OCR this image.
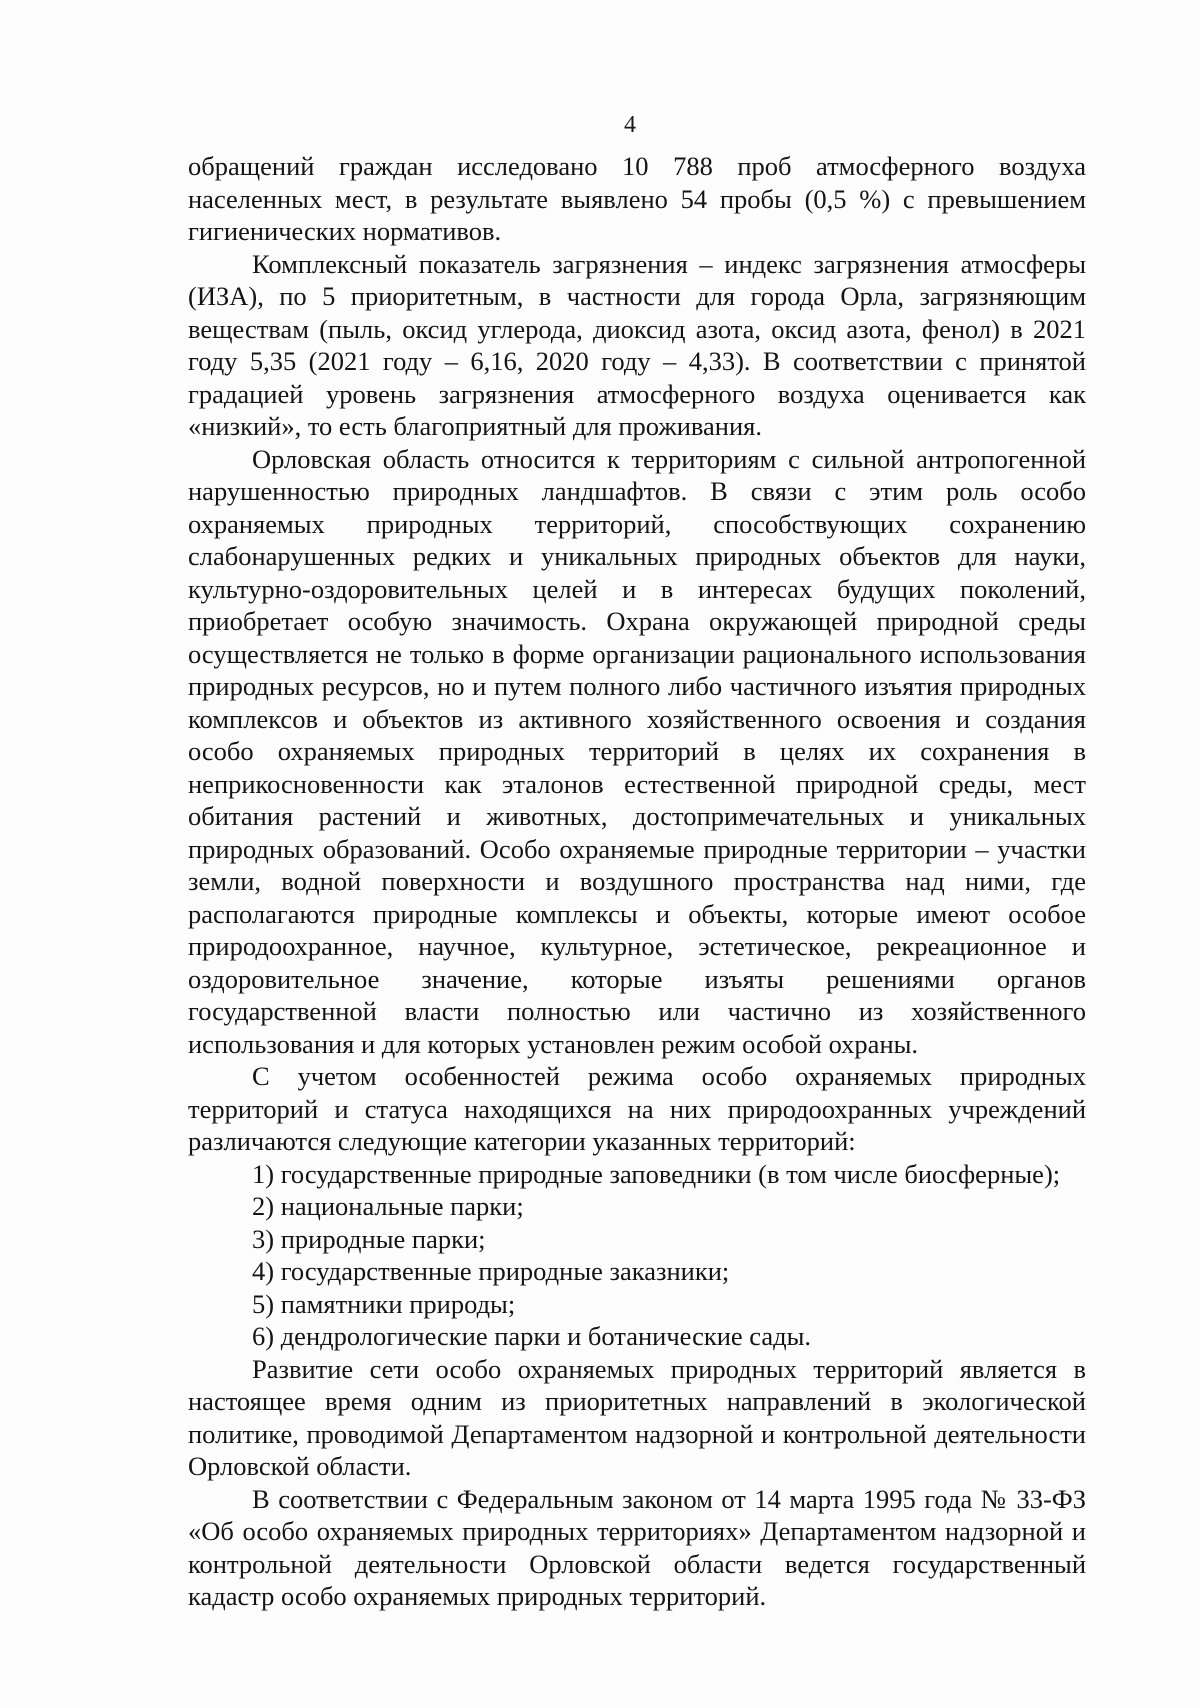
4

обращений граждан исследовано 10 788 проб атмосферного воздуха населенных мест, в результате выявлено 54 пробы (0,5 %) с превышением гигиенических нормативов.

Комплексный показатель загрязнения – индекс загрязнения атмосферы (ИЗА), по 5 приоритетным, в частности для города Орла, загрязняющим веществам (пыль, оксид углерода, диоксид азота, оксид азота, фенол) в 2021 году 5,35 (2021 году – 6,16, 2020 году – 4,33). В соответствии с принятой градацией уровень загрязнения атмосферного воздуха оценивается как «низкий», то есть благоприятный для проживания.

Орловская область относится к территориям с сильной антропогенной нарушенностью природных ландшафтов. В связи с этим роль особо охраняемых природных территорий, способствующих сохранению слабонарушенных редких и уникальных природных объектов для науки, культурно-оздоровительных целей и в интересах будущих поколений, приобретает особую значимость. Охрана окружающей природной среды осуществляется не только в форме организации рационального использования природных ресурсов, но и путем полного либо частичного изъятия природных комплексов и объектов из активного хозяйственного освоения и создания особо охраняемых природных территорий в целях их сохранения в неприкосновенности как эталонов естественной природной среды, мест обитания растений и животных, достопримечательных и уникальных природных образований. Особо охраняемые природные территории – участки земли, водной поверхности и воздушного пространства над ними, где располагаются природные комплексы и объекты, которые имеют особое природоохранное, научное, культурное, эстетическое, рекреационное и оздоровительное значение, которые изъяты решениями органов государственной власти полностью или частично из хозяйственного использования и для которых установлен режим особой охраны.

С учетом особенностей режима особо охраняемых природных территорий и статуса находящихся на них природоохранных учреждений различаются следующие категории указанных территорий:

1) государственные природные заповедники (в том числе биосферные);

2) национальные парки;

3) природные парки;

4) государственные природные заказники;

5) памятники природы;

6) дендрологические парки и ботанические сады.

Развитие сети особо охраняемых природных территорий является в настоящее время одним из приоритетных направлений в экологической политике, проводимой Департаментом надзорной и контрольной деятельности Орловской области.

В соответствии с Федеральным законом от 14 марта 1995 года № 33-ФЗ «Об особо охраняемых природных территориях» Департаментом надзорной и контрольной деятельности Орловской области ведется государственный кадастр особо охраняемых природных территорий.
